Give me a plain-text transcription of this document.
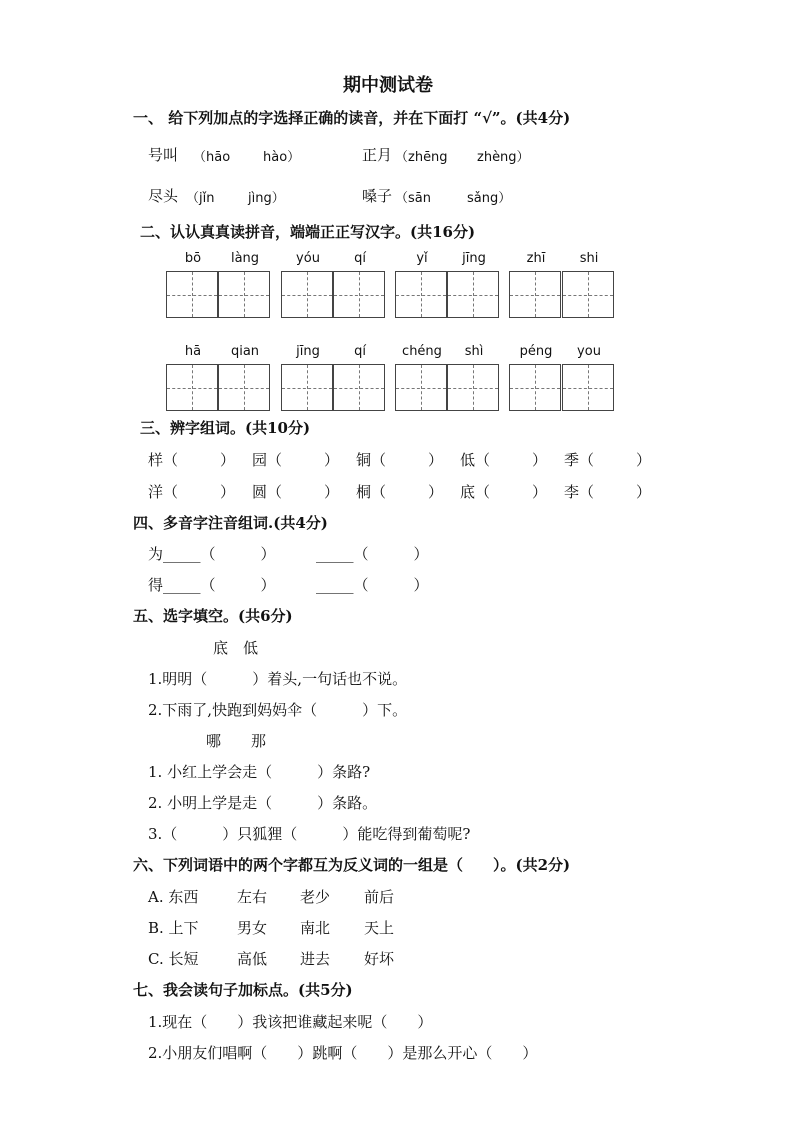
期中测试卷
一、 给下列加点的字选择正确的读音，并在下面打 “√”。(共4分)
号叫 （hāo	hào）	正月 （zhēng zhèng）
尽头 （jǐn	jìng）	嗓子 （sān	sǎng）
二、认认真真读拼音，端端正正写汉字。(共16分)
bō	làng	yóu	qí	yǐ	jīng	zhī	shi
hā	qian	jīng	qí	chéng	shì	péng	you
三、辨字组词。(共10分)
样（	） 园（	） 铜（	） 低（	） 季（	）
洋（	） 圆（	） 桐（	） 底（	） 李（	）
四、多音字注音组词.(共4分)
为_____（　　　）	_____（　　　）
得_____（　　　）	_____（　　　）
五、选字填空。(共6分)
底　低
1.明明（　　　）着头,一句话也不说。
2.下雨了,快跑到妈妈伞（　　　）下。
哪　　那
1. 小红上学会走（　　　）条路?
2. 小明上学是走（　　　）条路。
3.（　　　）只狐狸（　　　）能吃得到葡萄呢?
六、下列词语中的两个字都互为反义词的一组是（　　）。(共2分)
A. 东西	左右 老少 前后
B. 上下	男女 南北 天上
C. 长短	高低 进去 好坏
七、我会读句子加标点。(共5分)
1.现在（　　）我该把谁藏起来呢（　　）
2.小朋友们唱啊（　　）跳啊（　　）是那么开心（　　）
